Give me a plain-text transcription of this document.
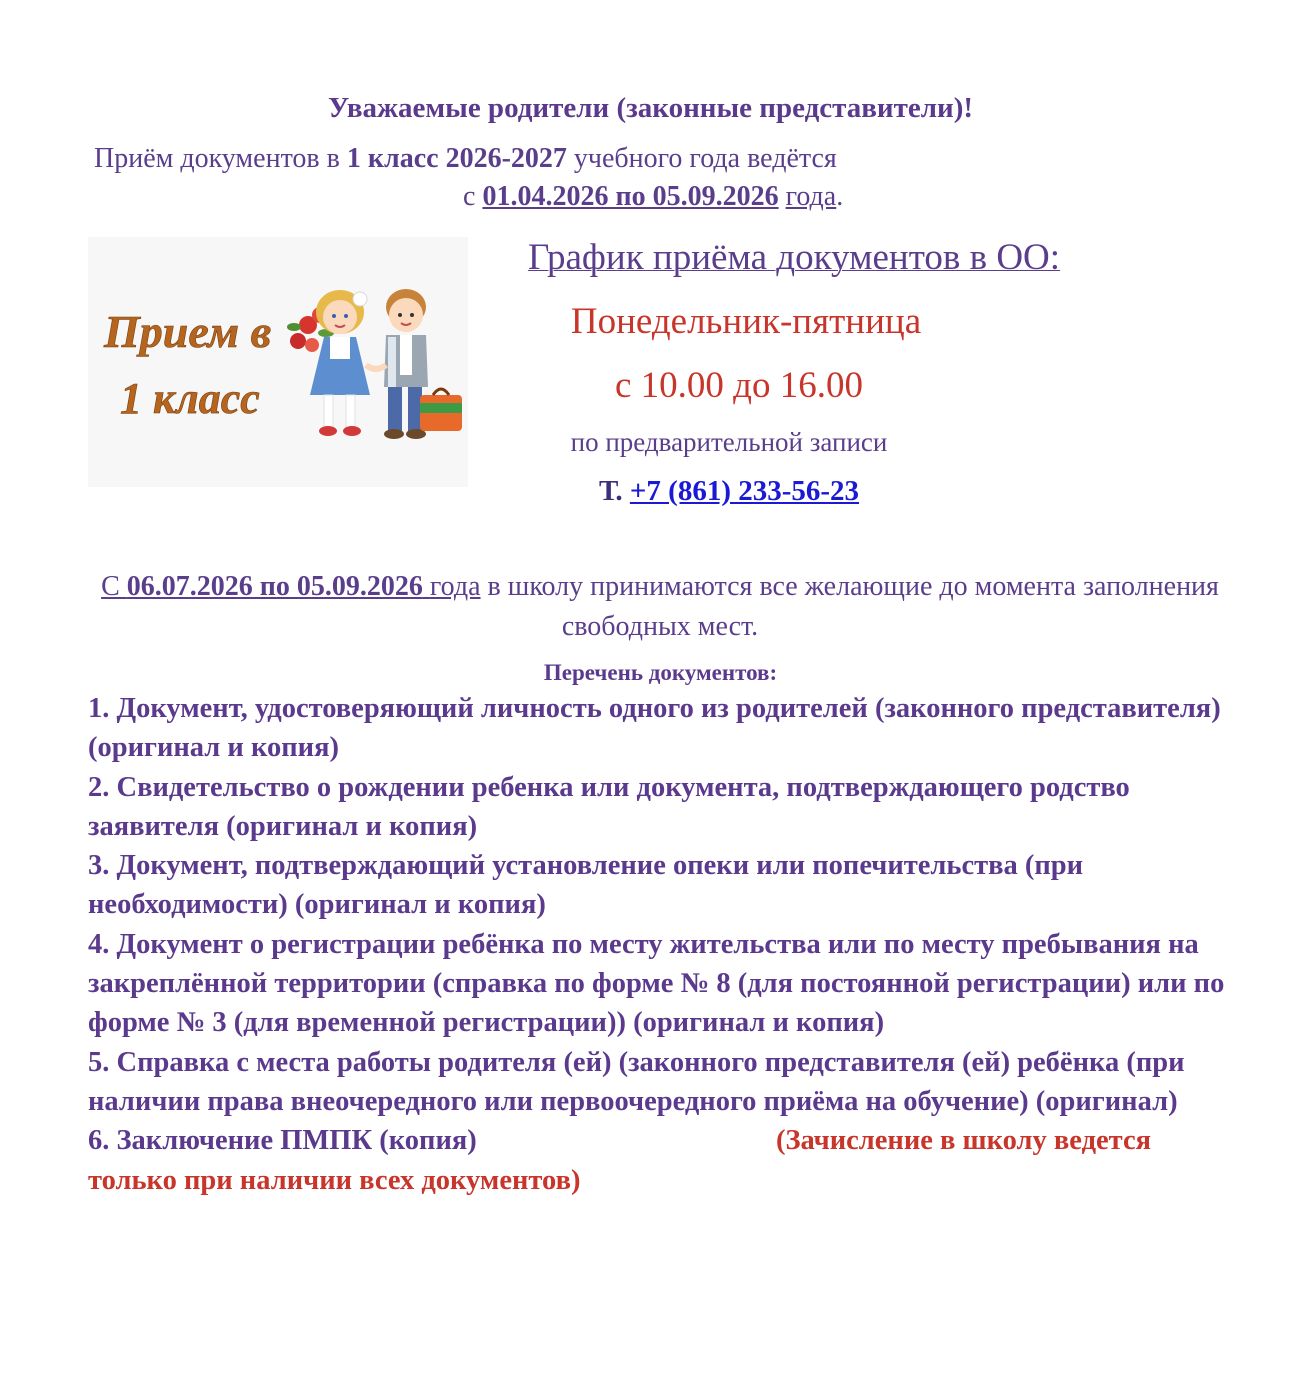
Уважаемые родители (законные представители)!
Приём документов в 1 класс 2026-2027 учебного года ведётся
с 01.04.2026 по 05.09.2026 года.
Прием в
1 класс
График приёма документов в ОО:
Понедельник-пятница
с 10.00 до 16.00
по предварительной записи
Т. +7 (861) 233-56-23
С 06.07.2026 по 05.09.2026 года в школу принимаются все желающие до момента заполнения свободных мест.
Перечень документов:

1. Документ, удостоверяющий личность одного из родителей (законного представителя) (оригинал и копия)

2. Свидетельство о рождении ребенка или документа, подтверждающего родство заявителя (оригинал и копия)

3. Документ, подтверждающий установление опеки или попечительства (при необходимости) (оригинал и копия)

4. Документ о регистрации ребёнка по месту жительства или по месту пребывания на закреплённой территории (справка по форме № 8 (для постоянной регистрации) или по форме № 3 (для временной регистрации)) (оригинал и копия)

5. Справка с места работы родителя (ей) (законного представителя (ей) ребёнка (при наличии права внеочередного или первоочередного приёма на обучение) (оригинал)

6. Заключение ПМПК (копия)	(Зачисление в школу ведется

только при наличии всех документов)
